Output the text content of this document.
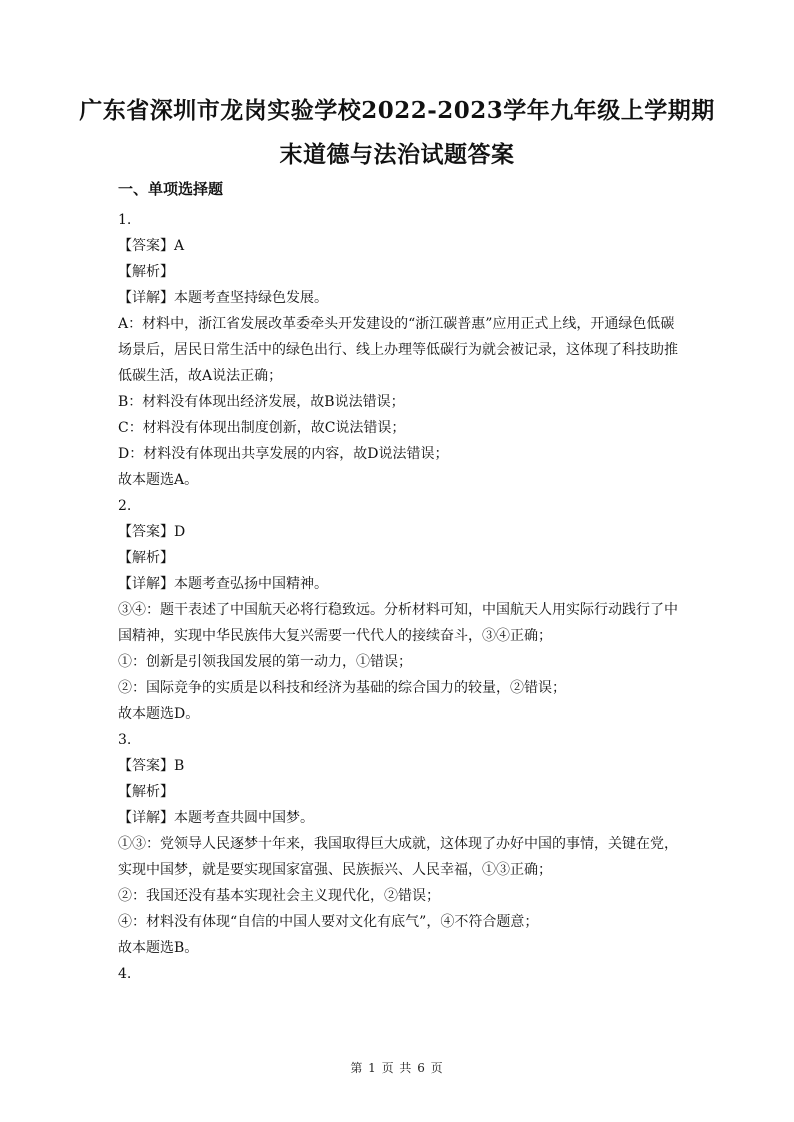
广东省深圳市龙岗实验学校2022-2023学年九年级上学期期
末道德与法治试题答案
一、单项选择题
1.
【答案】A
【解析】
【详解】本题考查坚持绿色发展。
A：材料中，浙江省发展改革委牵头开发建设的“浙江碳普惠”应用正式上线，开通绿色低碳
场景后，居民日常生活中的绿色出行、线上办理等低碳行为就会被记录，这体现了科技助推
低碳生活，故A说法正确；
B：材料没有体现出经济发展，故B说法错误；
C：材料没有体现出制度创新，故C说法错误；
D：材料没有体现出共享发展的内容，故D说法错误；
故本题选A。
2.
【答案】D
【解析】
【详解】本题考查弘扬中国精神。
③④：题干表述了中国航天必将行稳致远。分析材料可知，中国航天人用实际行动践行了中
国精神，实现中华民族伟大复兴需要一代代人的接续奋斗，③④正确；
①：创新是引领我国发展的第一动力，①错误；
②：国际竞争的实质是以科技和经济为基础的综合国力的较量，②错误；
故本题选D。
3.
【答案】B
【解析】
【详解】本题考查共圆中国梦。
①③：党领导人民逐梦十年来，我国取得巨大成就，这体现了办好中国的事情，关键在党，
实现中国梦，就是要实现国家富强、民族振兴、人民幸福，①③正确；
②：我国还没有基本实现社会主义现代化，②错误；
④：材料没有体现“自信的中国人要对文化有底气”，④不符合题意；
故本题选B。
4.
第 1 页 共 6 页
